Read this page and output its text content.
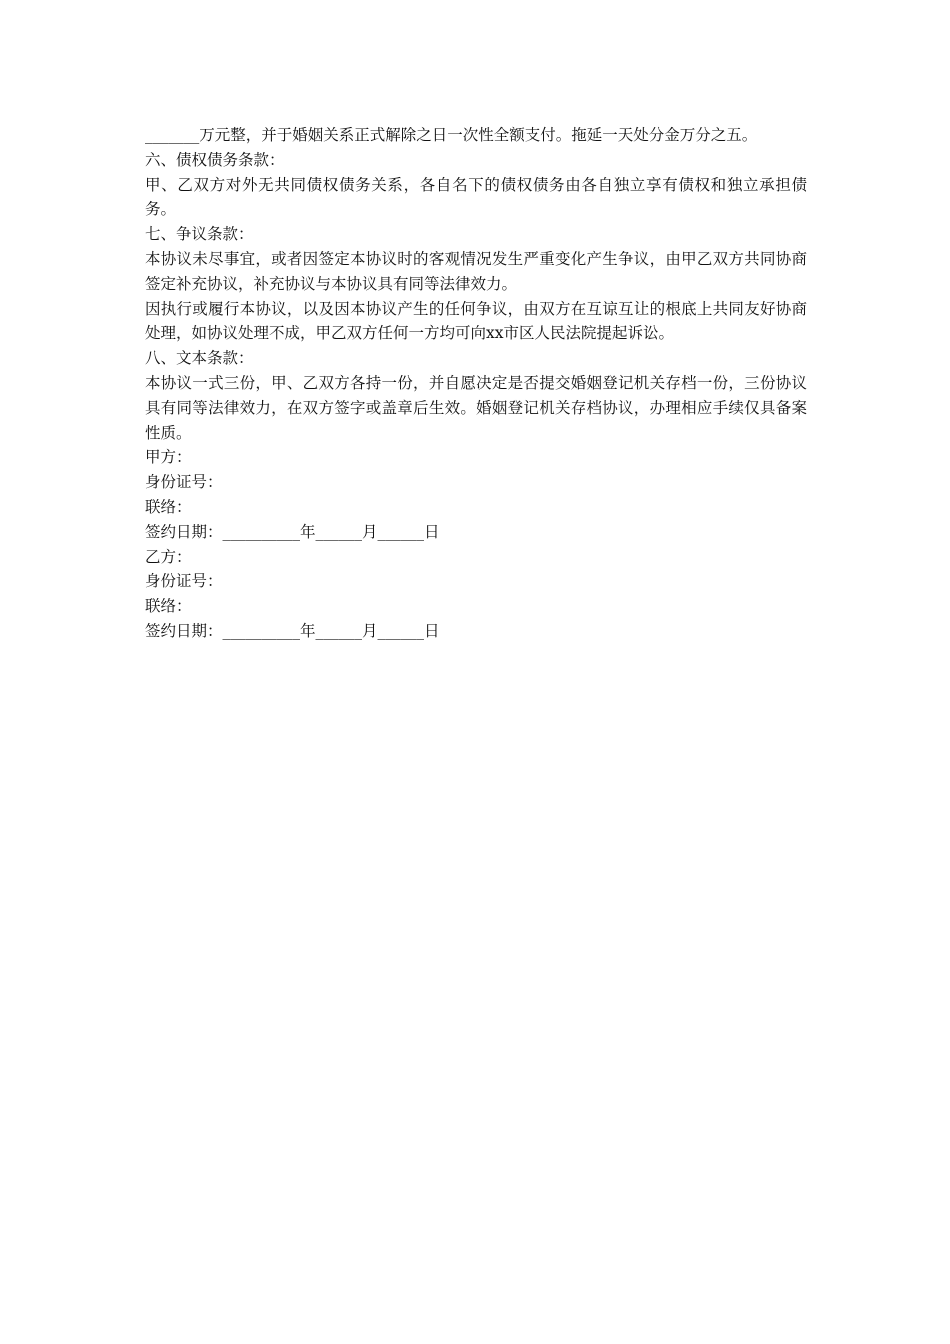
_______万元整，并于婚姻关系正式解除之日一次性全额支付。拖延一天处分金万分之五。

六、债权债务条款：

甲、乙双方对外无共同债权债务关系，各自名下的债权债务由各自独立享有债权和独立承担债务。

七、争议条款：

本协议未尽事宜，或者因签定本协议时的客观情况发生严重变化产生争议，由甲乙双方共同协商签定补充协议，补充协议与本协议具有同等法律效力。

因执行或履行本协议，以及因本协议产生的任何争议，由双方在互谅互让的根底上共同友好协商处理，如协议处理不成，甲乙双方任何一方均可向xx市区人民法院提起诉讼。

八、文本条款：

本协议一式三份，甲、乙双方各持一份，并自愿决定是否提交婚姻登记机关存档一份，三份协议具有同等法律效力，在双方签字或盖章后生效。婚姻登记机关存档协议，办理相应手续仅具备案性质。

甲方：

身份证号：

联络：

签约日期：__________年______月______日

乙方：

身份证号：

联络：

签约日期：__________年______月______日
